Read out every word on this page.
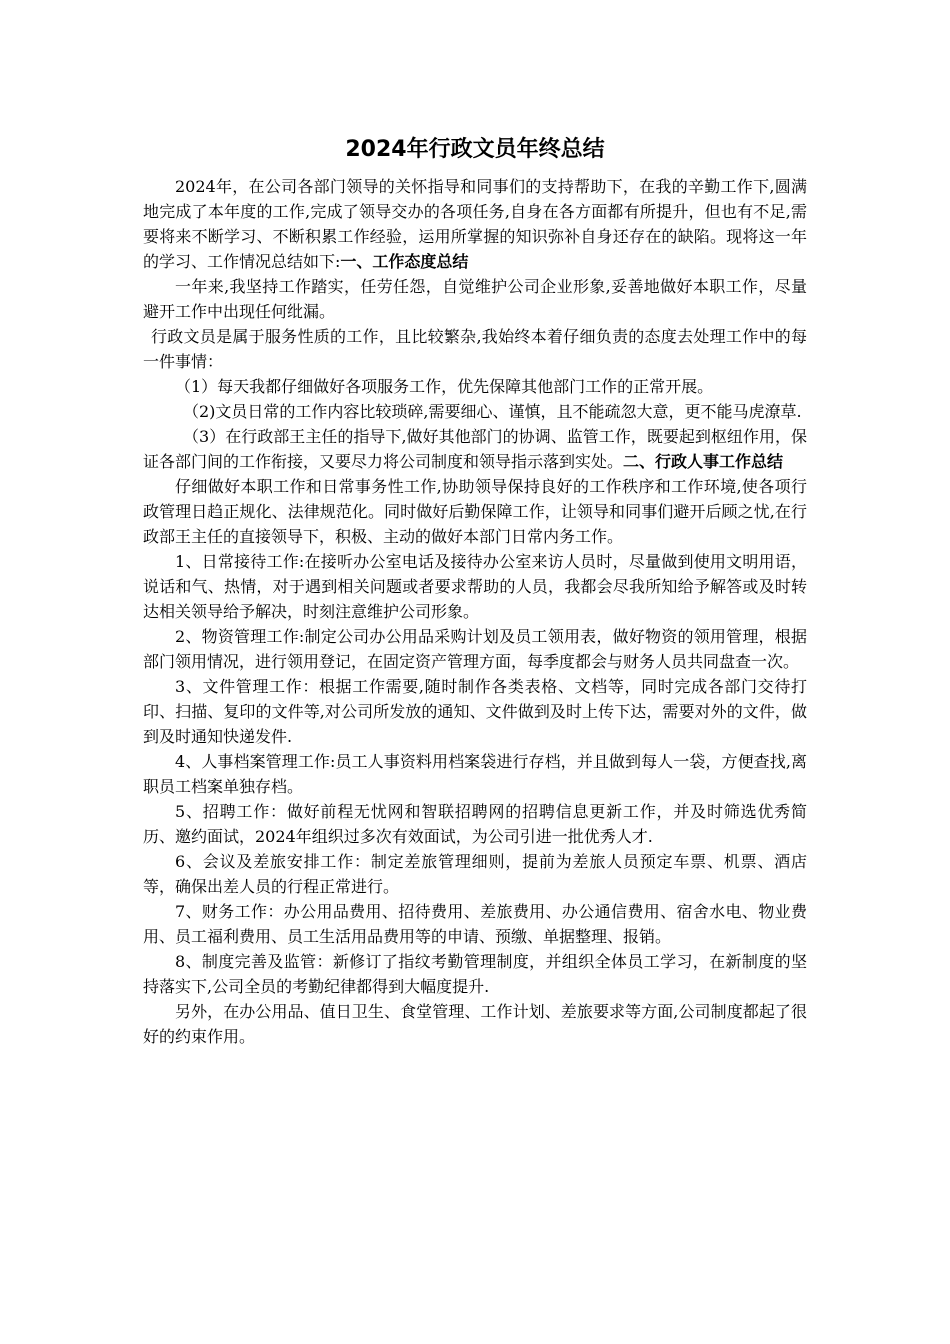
2024年行政文员年终总结

2024年，在公司各部门领导的关怀指导和同事们的支持帮助下，在我的辛勤工作下,圆满地完成了本年度的工作,完成了领导交办的各项任务,自身在各方面都有所提升，但也有不足,需要将来不断学习、不断积累工作经验，运用所掌握的知识弥补自身还存在的缺陷。现将这一年的学习、工作情况总结如下:一、工作态度总结

一年来,我坚持工作踏实，任劳任怨，自觉维护公司企业形象,妥善地做好本职工作，尽量避开工作中出现任何纰漏。

行政文员是属于服务性质的工作，且比较繁杂,我始终本着仔细负责的态度去处理工作中的每一件事情：

（1）每天我都仔细做好各项服务工作，优先保障其他部门工作的正常开展。

（2)文员日常的工作内容比较琐碎,需要细心、谨慎，且不能疏忽大意，更不能马虎潦草.

（3）在行政部王主任的指导下,做好其他部门的协调、监管工作，既要起到枢纽作用，保证各部门间的工作衔接，又要尽力将公司制度和领导指示落到实处。二、行政人事工作总结

仔细做好本职工作和日常事务性工作,协助领导保持良好的工作秩序和工作环境,使各项行政管理日趋正规化、法律规范化。同时做好后勤保障工作，让领导和同事们避开后顾之忧,在行政部王主任的直接领导下，积极、主动的做好本部门日常内务工作。

1、日常接待工作:在接听办公室电话及接待办公室来访人员时，尽量做到使用文明用语，说话和气、热情，对于遇到相关问题或者要求帮助的人员，我都会尽我所知给予解答或及时转达相关领导给予解决，时刻注意维护公司形象。

2、物资管理工作:制定公司办公用品采购计划及员工领用表，做好物资的领用管理，根据部门领用情况，进行领用登记，在固定资产管理方面，每季度都会与财务人员共同盘查一次。

3、文件管理工作：根据工作需要,随时制作各类表格、文档等，同时完成各部门交待打印、扫描、复印的文件等,对公司所发放的通知、文件做到及时上传下达，需要对外的文件，做到及时通知快递发件.

4、人事档案管理工作:员工人事资料用档案袋进行存档，并且做到每人一袋，方便查找,离职员工档案单独存档。

5、招聘工作：做好前程无忧网和智联招聘网的招聘信息更新工作，并及时筛选优秀简历、邀约面试，2024年组织过多次有效面试，为公司引进一批优秀人才.

6、会议及差旅安排工作：制定差旅管理细则，提前为差旅人员预定车票、机票、酒店等，确保出差人员的行程正常进行。

7、财务工作：办公用品费用、招待费用、差旅费用、办公通信费用、宿舍水电、物业费用、员工福利费用、员工生活用品费用等的申请、预缴、单据整理、报销。

8、制度完善及监管：新修订了指纹考勤管理制度，并组织全体员工学习，在新制度的坚持落实下,公司全员的考勤纪律都得到大幅度提升.

另外，在办公用品、值日卫生、食堂管理、工作计划、差旅要求等方面,公司制度都起了很好的约束作用。
